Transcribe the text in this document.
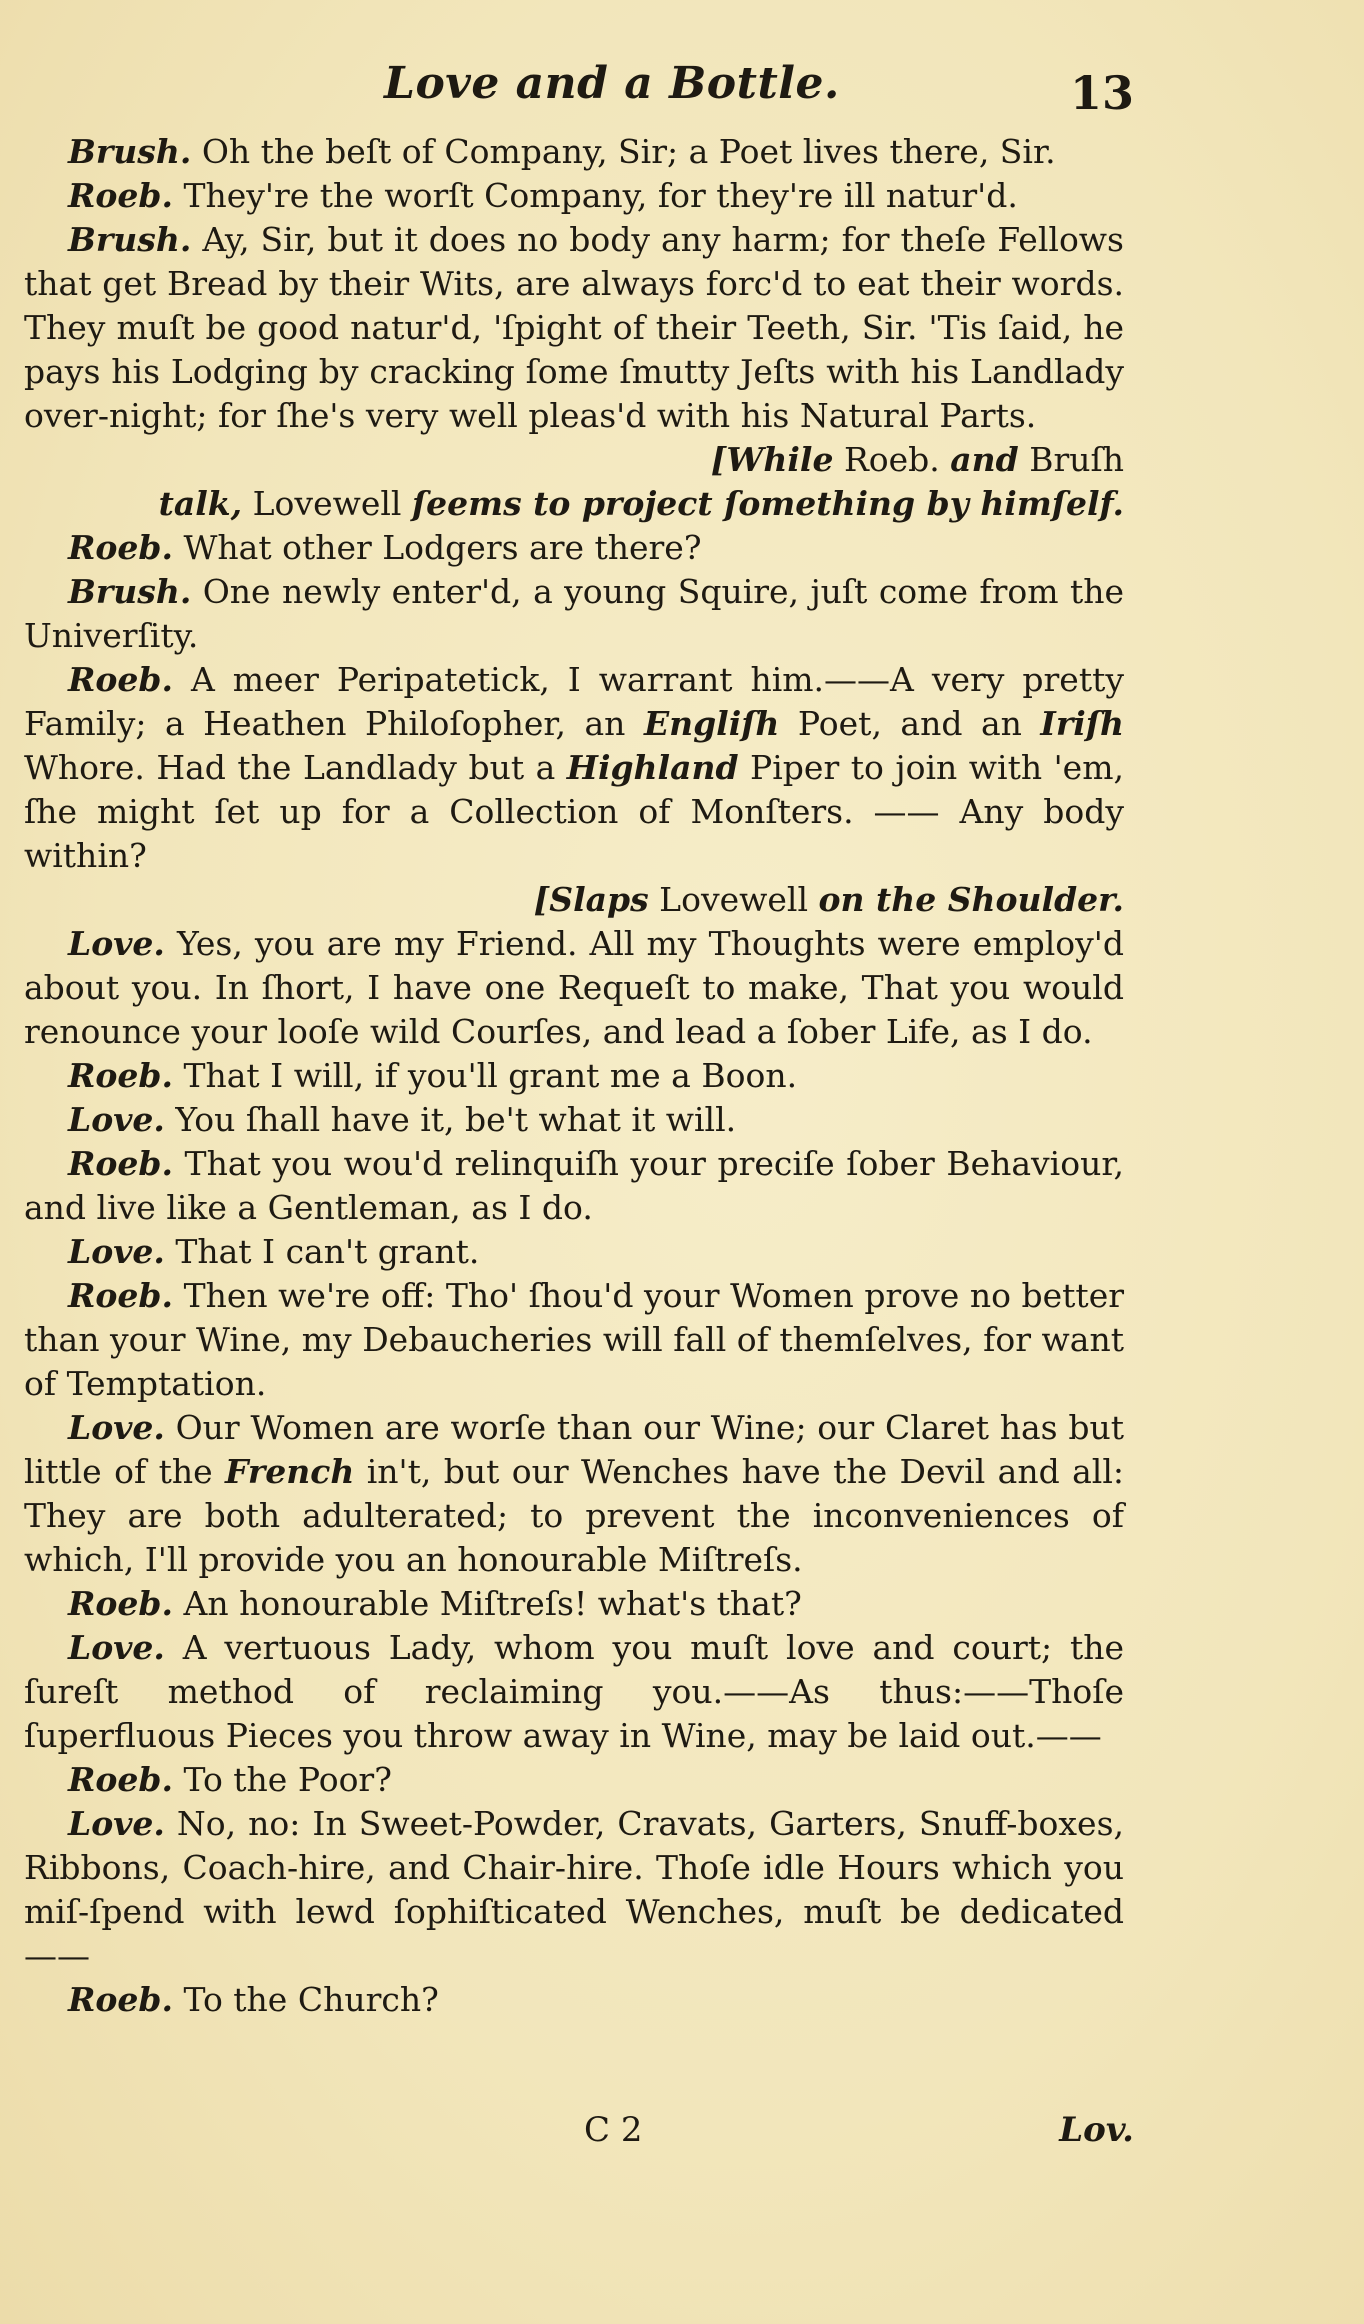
Love and a Bottle.	13

Brush. Oh the beſt of Company, Sir; a Poet lives there, Sir.

Roeb. They're the worſt Company, for they're ill natur'd.

Brush. Ay, Sir, but it does no body any harm; for theſe Fellows that get Bread by their Wits, are always forc'd to eat their words. They muſt be good natur'd, 'ſpight of their Teeth, Sir. 'Tis ſaid, he pays his Lodging by cracking ſome ſmutty Jeſts with his Landlady over-night; for ſhe's very well pleas'd with his Natural Parts.

[While Roeb. and Bruſh

talk, Lovewell ſeems to project ſomething by himſelf.

Roeb. What other Lodgers are there?

Brush. One newly enter'd, a young Squire, juſt come from the Univerſity.

Roeb. A meer Peripatetick, I warrant him.——A very pretty Family; a Heathen Philoſopher, an Engliſh Poet, and an Iriſh Whore. Had the Landlady but a Highland Piper to join with 'em, ſhe might ſet up for a Collection of Monſters. —— Any body within?

[Slaps Lovewell on the Shoulder.

Love. Yes, you are my Friend. All my Thoughts were employ'd about you. In ſhort, I have one Requeſt to make, That you would renounce your looſe wild Courſes, and lead a ſober Life, as I do.

Roeb. That I will, if you'll grant me a Boon.

Love. You ſhall have it, be't what it will.

Roeb. That you wou'd relinquiſh your preciſe ſober Behaviour, and live like a Gentleman, as I do.

Love. That I can't grant.

Roeb. Then we're off: Tho' ſhou'd your Women prove no better than your Wine, my Debaucheries will fall of themſelves, for want of Temptation.

Love. Our Women are worſe than our Wine; our Claret has but little of the French in't, but our Wenches have the Devil and all: They are both adulterated; to prevent the inconveniences of which, I'll provide you an honourable Miſtreſs.

Roeb. An honourable Miſtreſs! what's that?

Love. A vertuous Lady, whom you muſt love and court; the ſureſt method of reclaiming you.——As thus:——Thoſe ſuperfluous Pieces you throw away in Wine, may be laid out.——

Roeb. To the Poor?

Love. No, no: In Sweet-Powder, Cravats, Garters, Snuff-boxes, Ribbons, Coach-hire, and Chair-hire. Thoſe idle Hours which you miſ-ſpend with lewd ſophiſticated Wenches, muſt be dedicated——

Roeb. To the Church?

C 2	Lov.
